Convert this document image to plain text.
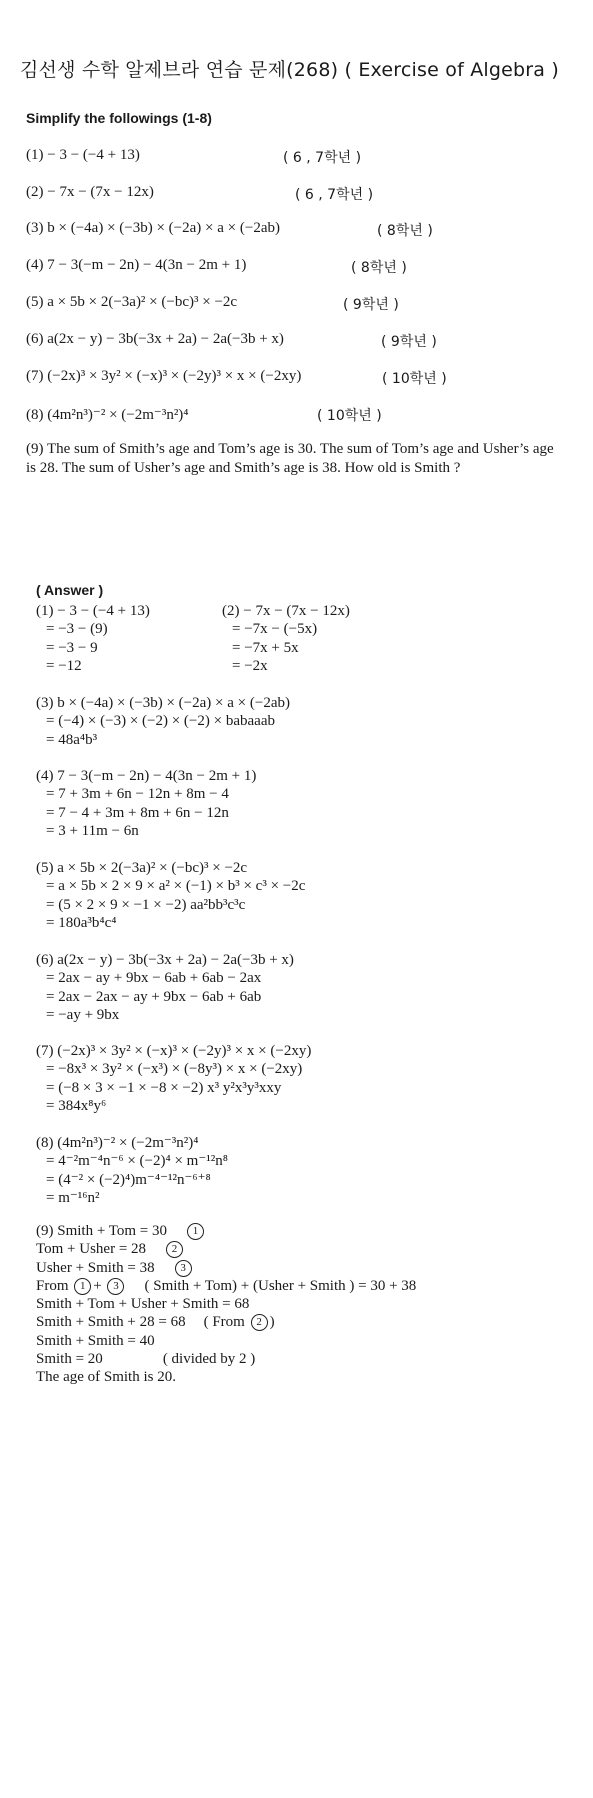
김선생 수학 알제브라 연습 문제(268) ( Exercise of Algebra )
Simplify the followings (1-8)
(1) − 3 − (−4 + 13)	( 6 , 7학년 )
(2) − 7x − (7x − 12x)	( 6 , 7학년 )
(3) b × (−4a) × (−3b) × (−2a) × a × (−2ab)	( 8학년 )
(4) 7 − 3(−m − 2n) − 4(3n − 2m + 1)	( 8학년 )
(5) a × 5b × 2(−3a)² × (−bc)³ × −2c	( 9학년 )
(6) a(2x − y) − 3b(−3x + 2a) − 2a(−3b + x)	( 9학년 )
(7) (−2x)³ × 3y² × (−x)³ × (−2y)³ × x × (−2xy)	( 10학년 )
(8) (4m²n³)⁻² × (−2m⁻³n²)⁴	( 10학년 )
(9) The sum of Smith’s age and Tom’s age is 30. The sum of Tom’s age and Usher’s age is 28. The sum of Usher’s age and Smith’s age is 38. How old is Smith ?
( Answer )
(1) − 3 − (−4 + 13)
= −3 − (9)
= −3 − 9
= −12
(2) − 7x − (7x − 12x)
= −7x − (−5x)
= −7x + 5x
= −2x
(3) b × (−4a) × (−3b) × (−2a) × a × (−2ab)
= (−4) × (−3) × (−2) × (−2) × babaaab
= 48a⁴b³
(4) 7 − 3(−m − 2n) − 4(3n − 2m + 1)
= 7 + 3m + 6n − 12n + 8m − 4
= 7 − 4 + 3m + 8m + 6n − 12n
= 3 + 11m − 6n
(5) a × 5b × 2(−3a)² × (−bc)³ × −2c
= a × 5b × 2 × 9 × a² × (−1) × b³ × c³ × −2c
= (5 × 2 × 9 × −1 × −2) aa²bb³c³c
= 180a³b⁴c⁴
(6) a(2x − y) − 3b(−3x + 2a) − 2a(−3b + x)
= 2ax − ay + 9bx − 6ab + 6ab − 2ax
= 2ax − 2ax − ay + 9bx − 6ab + 6ab
= −ay + 9bx
(7) (−2x)³ × 3y² × (−x)³ × (−2y)³ × x × (−2xy)
= −8x³ × 3y² × (−x³) × (−8y³) × x × (−2xy)
= (−8 × 3 × −1 × −8 × −2) x³ y²x³y³xxy
= 384x⁸y⁶
(8) (4m²n³)⁻² × (−2m⁻³n²)⁴
= 4⁻²m⁻⁴n⁻⁶ × (−2)⁴ × m⁻¹²n⁸
= (4⁻² × (−2)⁴)m⁻⁴⁻¹²n⁻⁶⁺⁸
= m⁻¹⁶n²
(9) Smith + Tom = 30 1
Tom + Usher = 28 2
Usher + Smith = 38 3
From 1 + 3 ( Smith + Tom) + (Usher + Smith ) = 30 + 38
Smith + Tom + Usher + Smith = 68
Smith + Smith + 28 = 68 ( From 2 )
Smith + Smith = 40
Smith = 20	( divided by 2 )
The age of Smith is 20.
